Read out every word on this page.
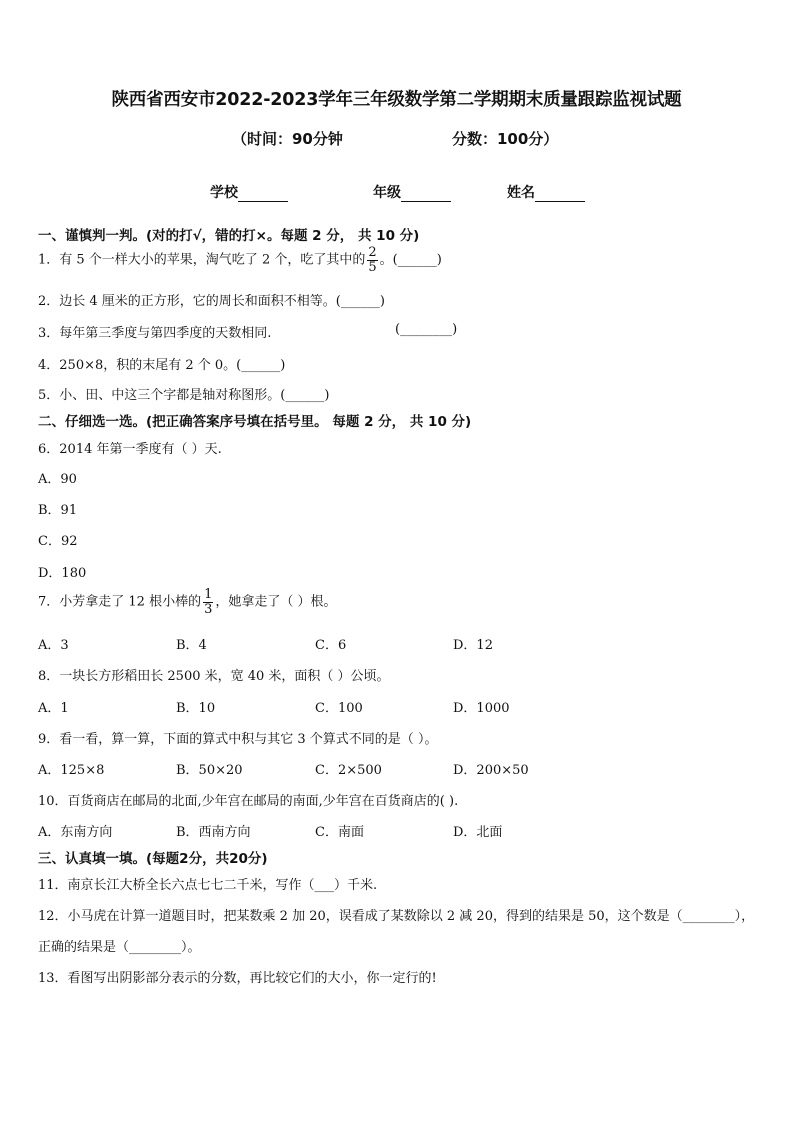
陕西省西安市2022-2023学年三年级数学第二学期期末质量跟踪监视试题
（时间：90分钟	分数：100分）
学校	年级	姓名
一、谨慎判一判。(对的打√，错的打×。每题 2 分， 共 10 分)
1．有 5 个一样大小的苹果，淘气吃了 2 个，吃了其中的 $\frac{2}{5}$ 。(______)
2．边长 4 厘米的正方形，它的周长和面积不相等。(______)
3．每年第三季度与第四季度的天数相同.	(________)
4．250×8，积的末尾有 2 个 0。(______)
5．小、田、中这三个字都是轴对称图形。(______)
二、仔细选一选。(把正确答案序号填在括号里。 每题 2 分， 共 10 分)
6．2014 年第一季度有（ ）天.
A．90
B．91
C．92
D．180
7．小芳拿走了 12 根小棒的 $\frac{1}{3}$ ，她拿走了（ ）根。
A．3	B．4	C．6	D．12
8．一块长方形稻田长 2500 米，宽 40 米，面积（ ）公顷。
A．1	B．10	C．100	D．1000
9．看一看，算一算，下面的算式中积与其它 3 个算式不同的是（ ）。
A．125×8	B．50×20	C．2×500	D．200×50
10．百货商店在邮局的北面,少年宫在邮局的南面,少年宫在百货商店的( ).
A．东南方向	B．西南方向	C．南面	D．北面
三、认真填一填。(每题2分，共20分)
11．南京长江大桥全长六点七七二千米，写作（___）千米.
12．小马虎在计算一道题目时，把某数乘 2 加 20，误看成了某数除以 2 减 20，得到的结果是 50，这个数是（________），
正确的结果是（________）。
13．看图写出阴影部分表示的分数，再比较它们的大小，你一定行的!
